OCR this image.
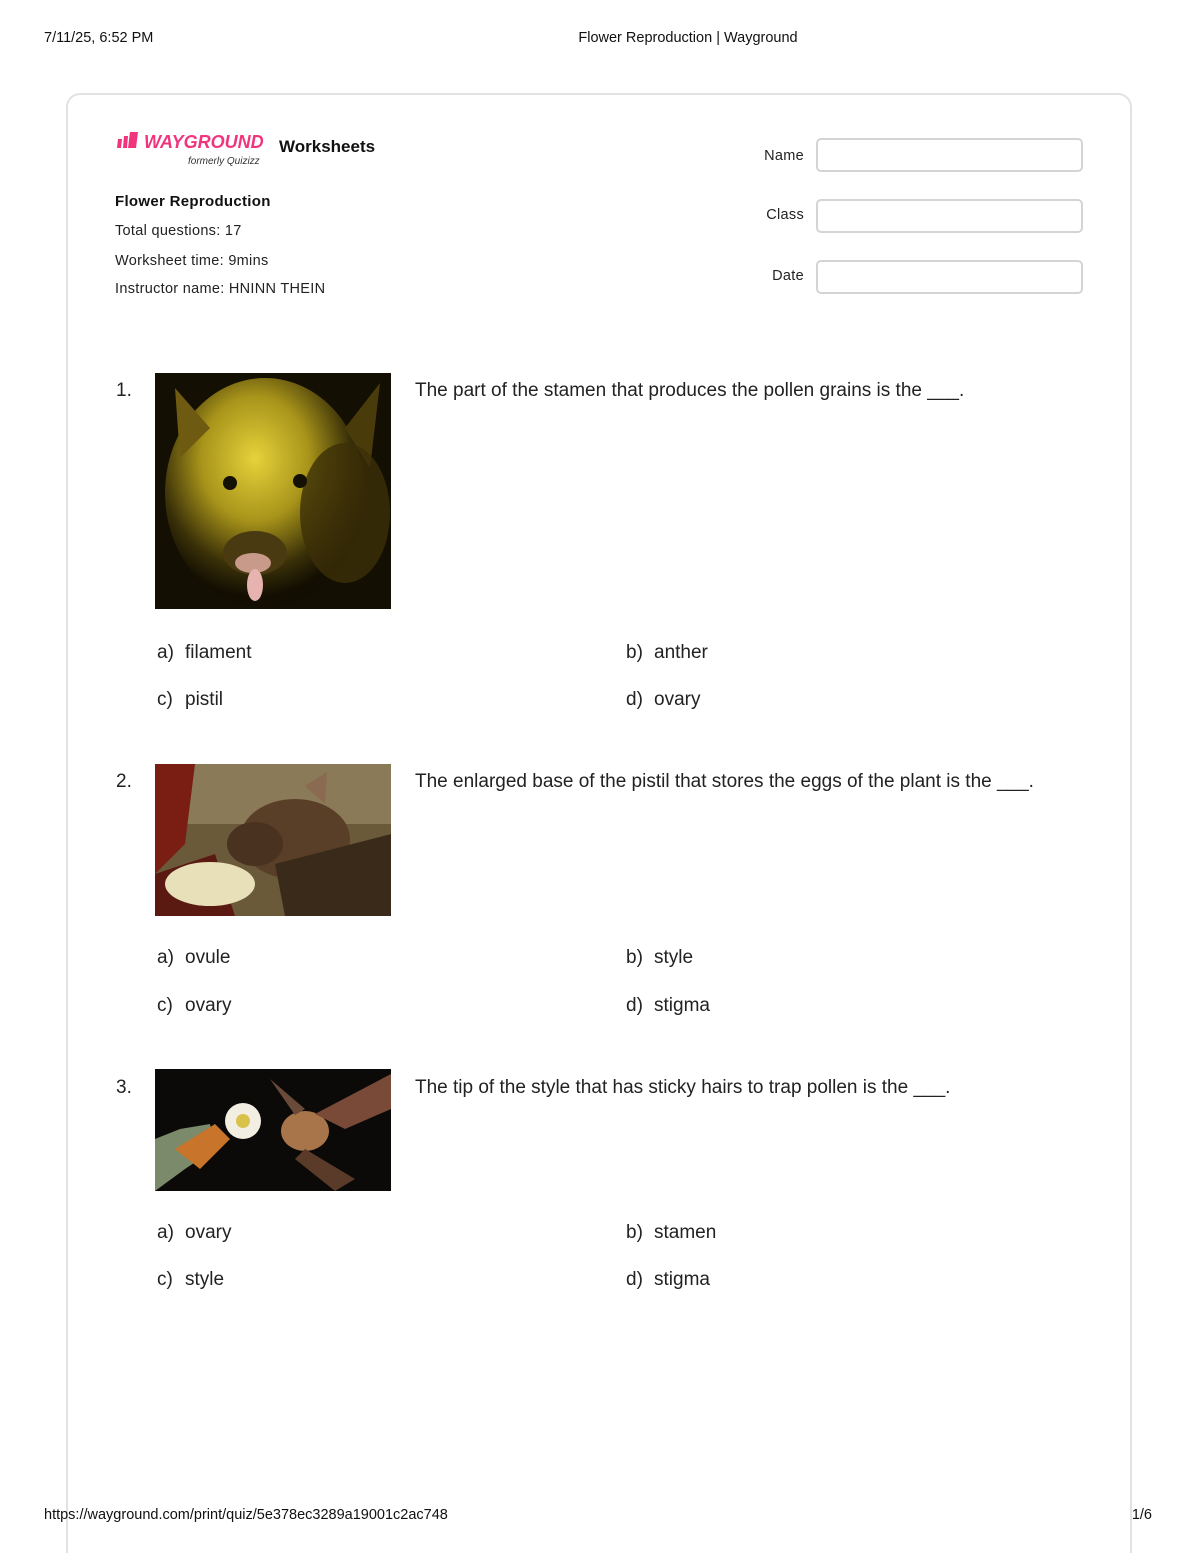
7/11/25, 6:52 PM	Flower Reproduction | Wayground
WAYGROUND
formerly Quizizz
Worksheets
Flower Reproduction
Total questions: 17
Worksheet time: 9mins
Instructor name: HNINN THEIN
Name
Class
Date
1.	The part of the stamen that produces the pollen grains is the ___.
a) filament	b) anther
c) pistil	d) ovary
2.	The enlarged base of the pistil that stores the eggs of the plant is the ___.
a) ovule	b) style
c) ovary	d) stigma
3.	The tip of the style that has sticky hairs to trap pollen is the ___.
a) ovary	b) stamen
c) style	d) stigma
https://wayground.com/print/quiz/5e378ec3289a19001c2ac748	1/6
